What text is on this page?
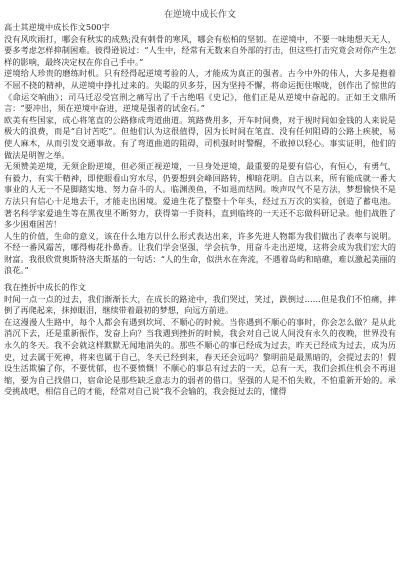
在逆境中成长作文

高士其逆境中成长作文500字

没有风吹雨打，哪会有秋实的成熟;没有刺骨的寒风，哪会有松柏的坚韧。在逆境中，不要一味地想天无人，要多考虑怎样抑制困难。彼得逊说过：“人生中，经常有无数来自外部的打击，但这些打击究竟会对你产生怎样的影响，最终决定权在你自己手中。”

逆境给人珍贵的磨练时机。只有经得起逆境考验的人，才能成为真正的强者。古今中外的伟人，大多是抱着不屈不挠的精神，从逆境中挣扎过来的。失聪的贝多芬，因为坚持不懈，将命运扼住喉咙，创作出了惊世的《命运交响曲》；司马迁忍受宫刑之痛写出了千古绝唱《史记》，他们正是从逆境中奋起的。正如王文鼎所言：“要冲出，须在逆境中奋进，逆境是强者的试金石。”

欧美有些国家，成心将笔直的公路修成弯道曲道。筑路费用多，开车时间费，对于视时间如金钱的人来说是极大的浪费，而是“自讨苦吃”。但他们认为这很值得，因为长时间在笔直、没有任何阻碍的公路上疾驶，易使人麻木，从而引发交通事故。有了弯道曲道的阻碍，司机强时时警醒，不敢掉以轻心。事实证明，他们的做法是明智之举。

无须赞美逆境，无须企盼逆境，但必须正视逆境，一旦身处逆境，最重要的是要有信心，有恒心，有勇气，有毅力，有实干精神，即使眼看山穷水尽，仍要想到会峰回路转，柳暗花明。自古以来，所有能成就一番大事业的人无一不是脚踏实地、努力奋斗的人。临渊羡鱼，不如退而结网。唉声叹气不是方法，梦想愉快不是方法只有信心十足地去干，才能走出困境。爱迪生花了整整十个年头，经过五万次的实验，创造了蓄电池。著名科学家爱迪生等在黑夜里不断努力，获得第一手资料，直到临终的一天还不忘做科研记录。他们战胜了多少困难困苦！

人生的价值，生命的意义，该在什么地方以什么形式表达出来，许多先进人物都为我们做出了表率与说明。不经一番风霜苦，哪得梅花扑鼻香。让我们学会坚强，学会抗争，用奋斗走出逆境，这将会成为我们宏大的财富。我很欣赏奥斯特洛夫斯基的一句话：“人的生命，似洪水在奔流，不遇着岛屿和暗礁，难以激起美丽的浪花。”

我在挫折中成长的作文

时间一点一点的过去，我们渐渐长大，在成长的路途中，我们哭过，笑过，跌倒过……但是我们不怕痛，摔倒了再爬起来，抹掉眼泪，继续带着最初的梦想，向远方前进。

在这漫漫人生路中，每个人都会有遇到坎坷、不顺心的时候。当你遇到不顺心的事时，你会怎么做？是从此消沉下去，还是重新振作，发奋上向？当我遇到挫折的时候，我会对自己说人间没有永久的夜晚，世界没有永久的冬天。我不会就这样默默无闻地消失的。那些不顺心的事已经成为过去，昨天已经成为过去，成为历史，过去属于死神，将来也属于自己，冬天已经到来，春天还会远吗？黎明前是最黑暗的，会提过去的！假设生活欺骗了你，不要忧郁，也不要愤慨！不顺心的事总有过去的一天，总有一天，我们会抓住机会不再退缩，要为自己找借口，宿命论是那些缺乏意志力的弱者的借口。坚强的人是不怕失败，不怕重新开始的。承受挑战吧，相信自己的才能，经常对自己说“我不会输的，我会挺过去的，懂得
